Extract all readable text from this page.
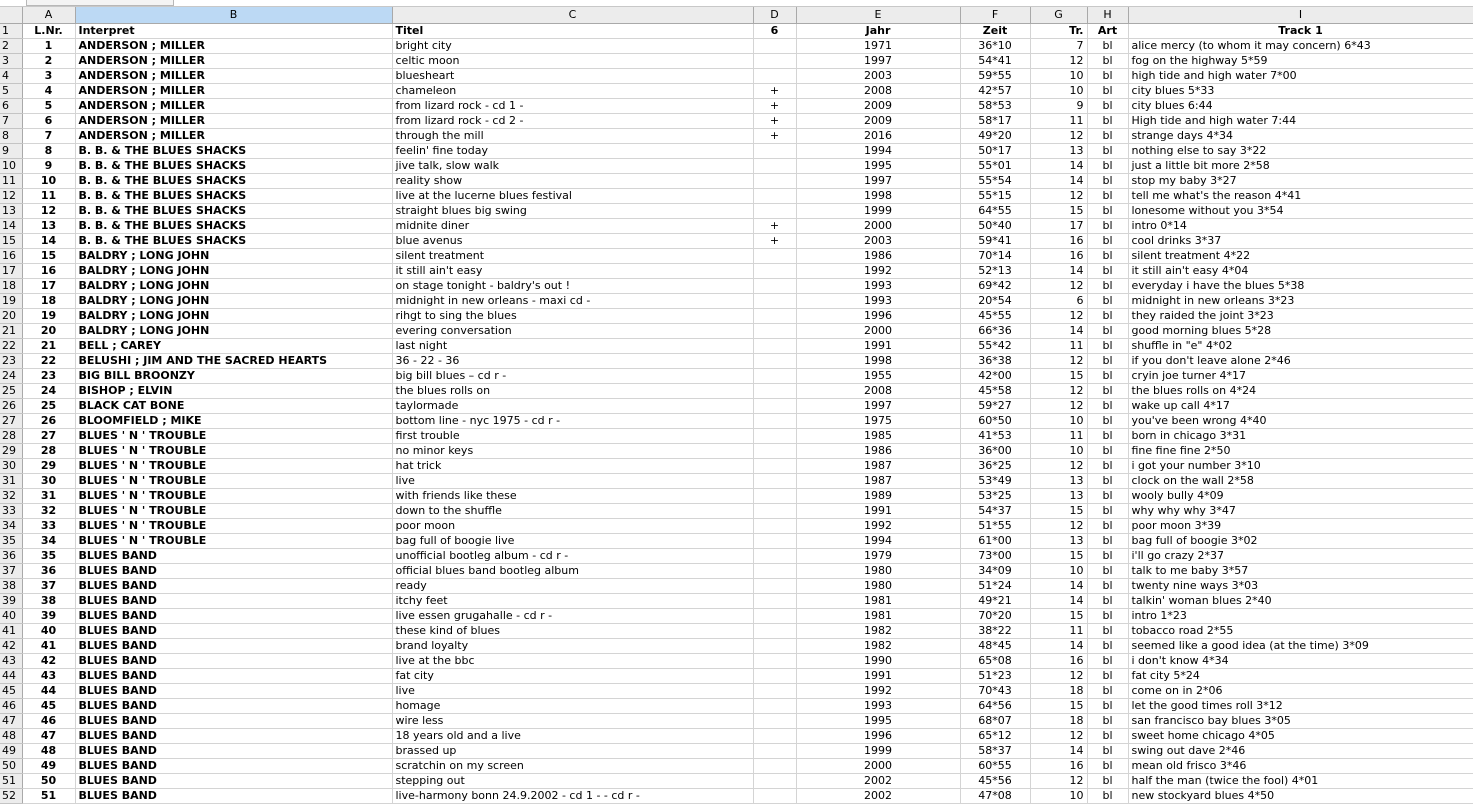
	A	B	C	D	E	F	G	H	I
1	L.Nr.	Interpret	Titel	6	Jahr	Zeit	Tr.	Art	Track 1
2	1	ANDERSON ; MILLER	bright city		1971	36*10	7	bl	alice mercy (to whom it may concern) 6*43
3	2	ANDERSON ; MILLER	celtic moon		1997	54*41	12	bl	fog on the highway 5*59
4	3	ANDERSON ; MILLER	bluesheart		2003	59*55	10	bl	high tide and high water 7*00
5	4	ANDERSON ; MILLER	chameleon	+	2008	42*57	10	bl	city blues 5*33
6	5	ANDERSON ; MILLER	from lizard rock - cd 1 -	+	2009	58*53	9	bl	city blues 6:44
7	6	ANDERSON ; MILLER	from lizard rock - cd 2 -	+	2009	58*17	11	bl	High tide and high water 7:44
8	7	ANDERSON ; MILLER	through the mill	+	2016	49*20	12	bl	strange days 4*34
9	8	B. B. & THE BLUES SHACKS	feelin' fine today		1994	50*17	13	bl	nothing else to say 3*22
10	9	B. B. & THE BLUES SHACKS	jive talk, slow walk		1995	55*01	14	bl	just a little bit more 2*58
11	10	B. B. & THE BLUES SHACKS	reality show		1997	55*54	14	bl	stop my baby 3*27
12	11	B. B. & THE BLUES SHACKS	live at the lucerne blues festival		1998	55*15	12	bl	tell me what's the reason 4*41
13	12	B. B. & THE BLUES SHACKS	straight blues big swing		1999	64*55	15	bl	lonesome without you 3*54
14	13	B. B. & THE BLUES SHACKS	midnite diner	+	2000	50*40	17	bl	intro 0*14
15	14	B. B. & THE BLUES SHACKS	blue avenus	+	2003	59*41	16	bl	cool drinks 3*37
16	15	BALDRY ; LONG JOHN	silent treatment		1986	70*14	16	bl	silent treatment 4*22
17	16	BALDRY ; LONG JOHN	it still ain't easy		1992	52*13	14	bl	it still ain't easy 4*04
18	17	BALDRY ; LONG JOHN	on stage tonight - baldry's out !		1993	69*42	12	bl	everyday i have the blues 5*38
19	18	BALDRY ; LONG JOHN	midnight in new orleans - maxi cd -		1993	20*54	6	bl	midnight in new orleans 3*23
20	19	BALDRY ; LONG JOHN	rihgt to sing the blues		1996	45*55	12	bl	they raided the joint 3*23
21	20	BALDRY ; LONG JOHN	evering conversation		2000	66*36	14	bl	good morning blues 5*28
22	21	BELL ; CAREY	last night		1991	55*42	11	bl	shuffle in "e" 4*02
23	22	BELUSHI ; JIM AND THE SACRED HEARTS	36 - 22 - 36		1998	36*38	12	bl	if you don't leave alone 2*46
24	23	BIG BILL BROONZY	big bill blues – cd r -		1955	42*00	15	bl	cryin joe turner 4*17
25	24	BISHOP ; ELVIN	the blues rolls on		2008	45*58	12	bl	the blues rolls on 4*24
26	25	BLACK CAT BONE	taylormade		1997	59*27	12	bl	wake up call 4*17
27	26	BLOOMFIELD ; MIKE	bottom line - nyc 1975 - cd r -		1975	60*50	10	bl	you've been wrong 4*40
28	27	BLUES ' N ' TROUBLE	first trouble		1985	41*53	11	bl	born in chicago 3*31
29	28	BLUES ' N ' TROUBLE	no minor keys		1986	36*00	10	bl	fine fine fine 2*50
30	29	BLUES ' N ' TROUBLE	hat trick		1987	36*25	12	bl	i got your number 3*10
31	30	BLUES ' N ' TROUBLE	live		1987	53*49	13	bl	clock on the wall 2*58
32	31	BLUES ' N ' TROUBLE	with friends like these		1989	53*25	13	bl	wooly bully 4*09
33	32	BLUES ' N ' TROUBLE	down to the shuffle		1991	54*37	15	bl	why why why 3*47
34	33	BLUES ' N ' TROUBLE	poor moon		1992	51*55	12	bl	poor moon 3*39
35	34	BLUES ' N ' TROUBLE	bag full of boogie live		1994	61*00	13	bl	bag full of boogie 3*02
36	35	BLUES BAND	unofficial bootleg album - cd r -		1979	73*00	15	bl	i'll go crazy 2*37
37	36	BLUES BAND	official blues band bootleg album		1980	34*09	10	bl	talk to me baby 3*57
38	37	BLUES BAND	ready		1980	51*24	14	bl	twenty nine ways 3*03
39	38	BLUES BAND	itchy feet		1981	49*21	14	bl	talkin' woman blues 2*40
40	39	BLUES BAND	live essen grugahalle - cd r -		1981	70*20	15	bl	intro 1*23
41	40	BLUES BAND	these kind of blues		1982	38*22	11	bl	tobacco road 2*55
42	41	BLUES BAND	brand loyalty		1982	48*45	14	bl	seemed like a good idea (at the time) 3*09
43	42	BLUES BAND	live at the bbc		1990	65*08	16	bl	i don't know 4*34
44	43	BLUES BAND	fat city		1991	51*23	12	bl	fat city 5*24
45	44	BLUES BAND	live		1992	70*43	18	bl	come on in 2*06
46	45	BLUES BAND	homage		1993	64*56	15	bl	let the good times roll 3*12
47	46	BLUES BAND	wire less		1995	68*07	18	bl	san francisco bay blues 3*05
48	47	BLUES BAND	18 years old and a live		1996	65*12	12	bl	sweet home chicago 4*05
49	48	BLUES BAND	brassed up		1999	58*37	14	bl	swing out dave 2*46
50	49	BLUES BAND	scratchin on my screen		2000	60*55	16	bl	mean old frisco 3*46
51	50	BLUES BAND	stepping out		2002	45*56	12	bl	half the man (twice the fool) 4*01
52	51	BLUES BAND	live-harmony bonn 24.9.2002 - cd 1 - - cd r -		2002	47*08	10	bl	new stockyard blues 4*50
